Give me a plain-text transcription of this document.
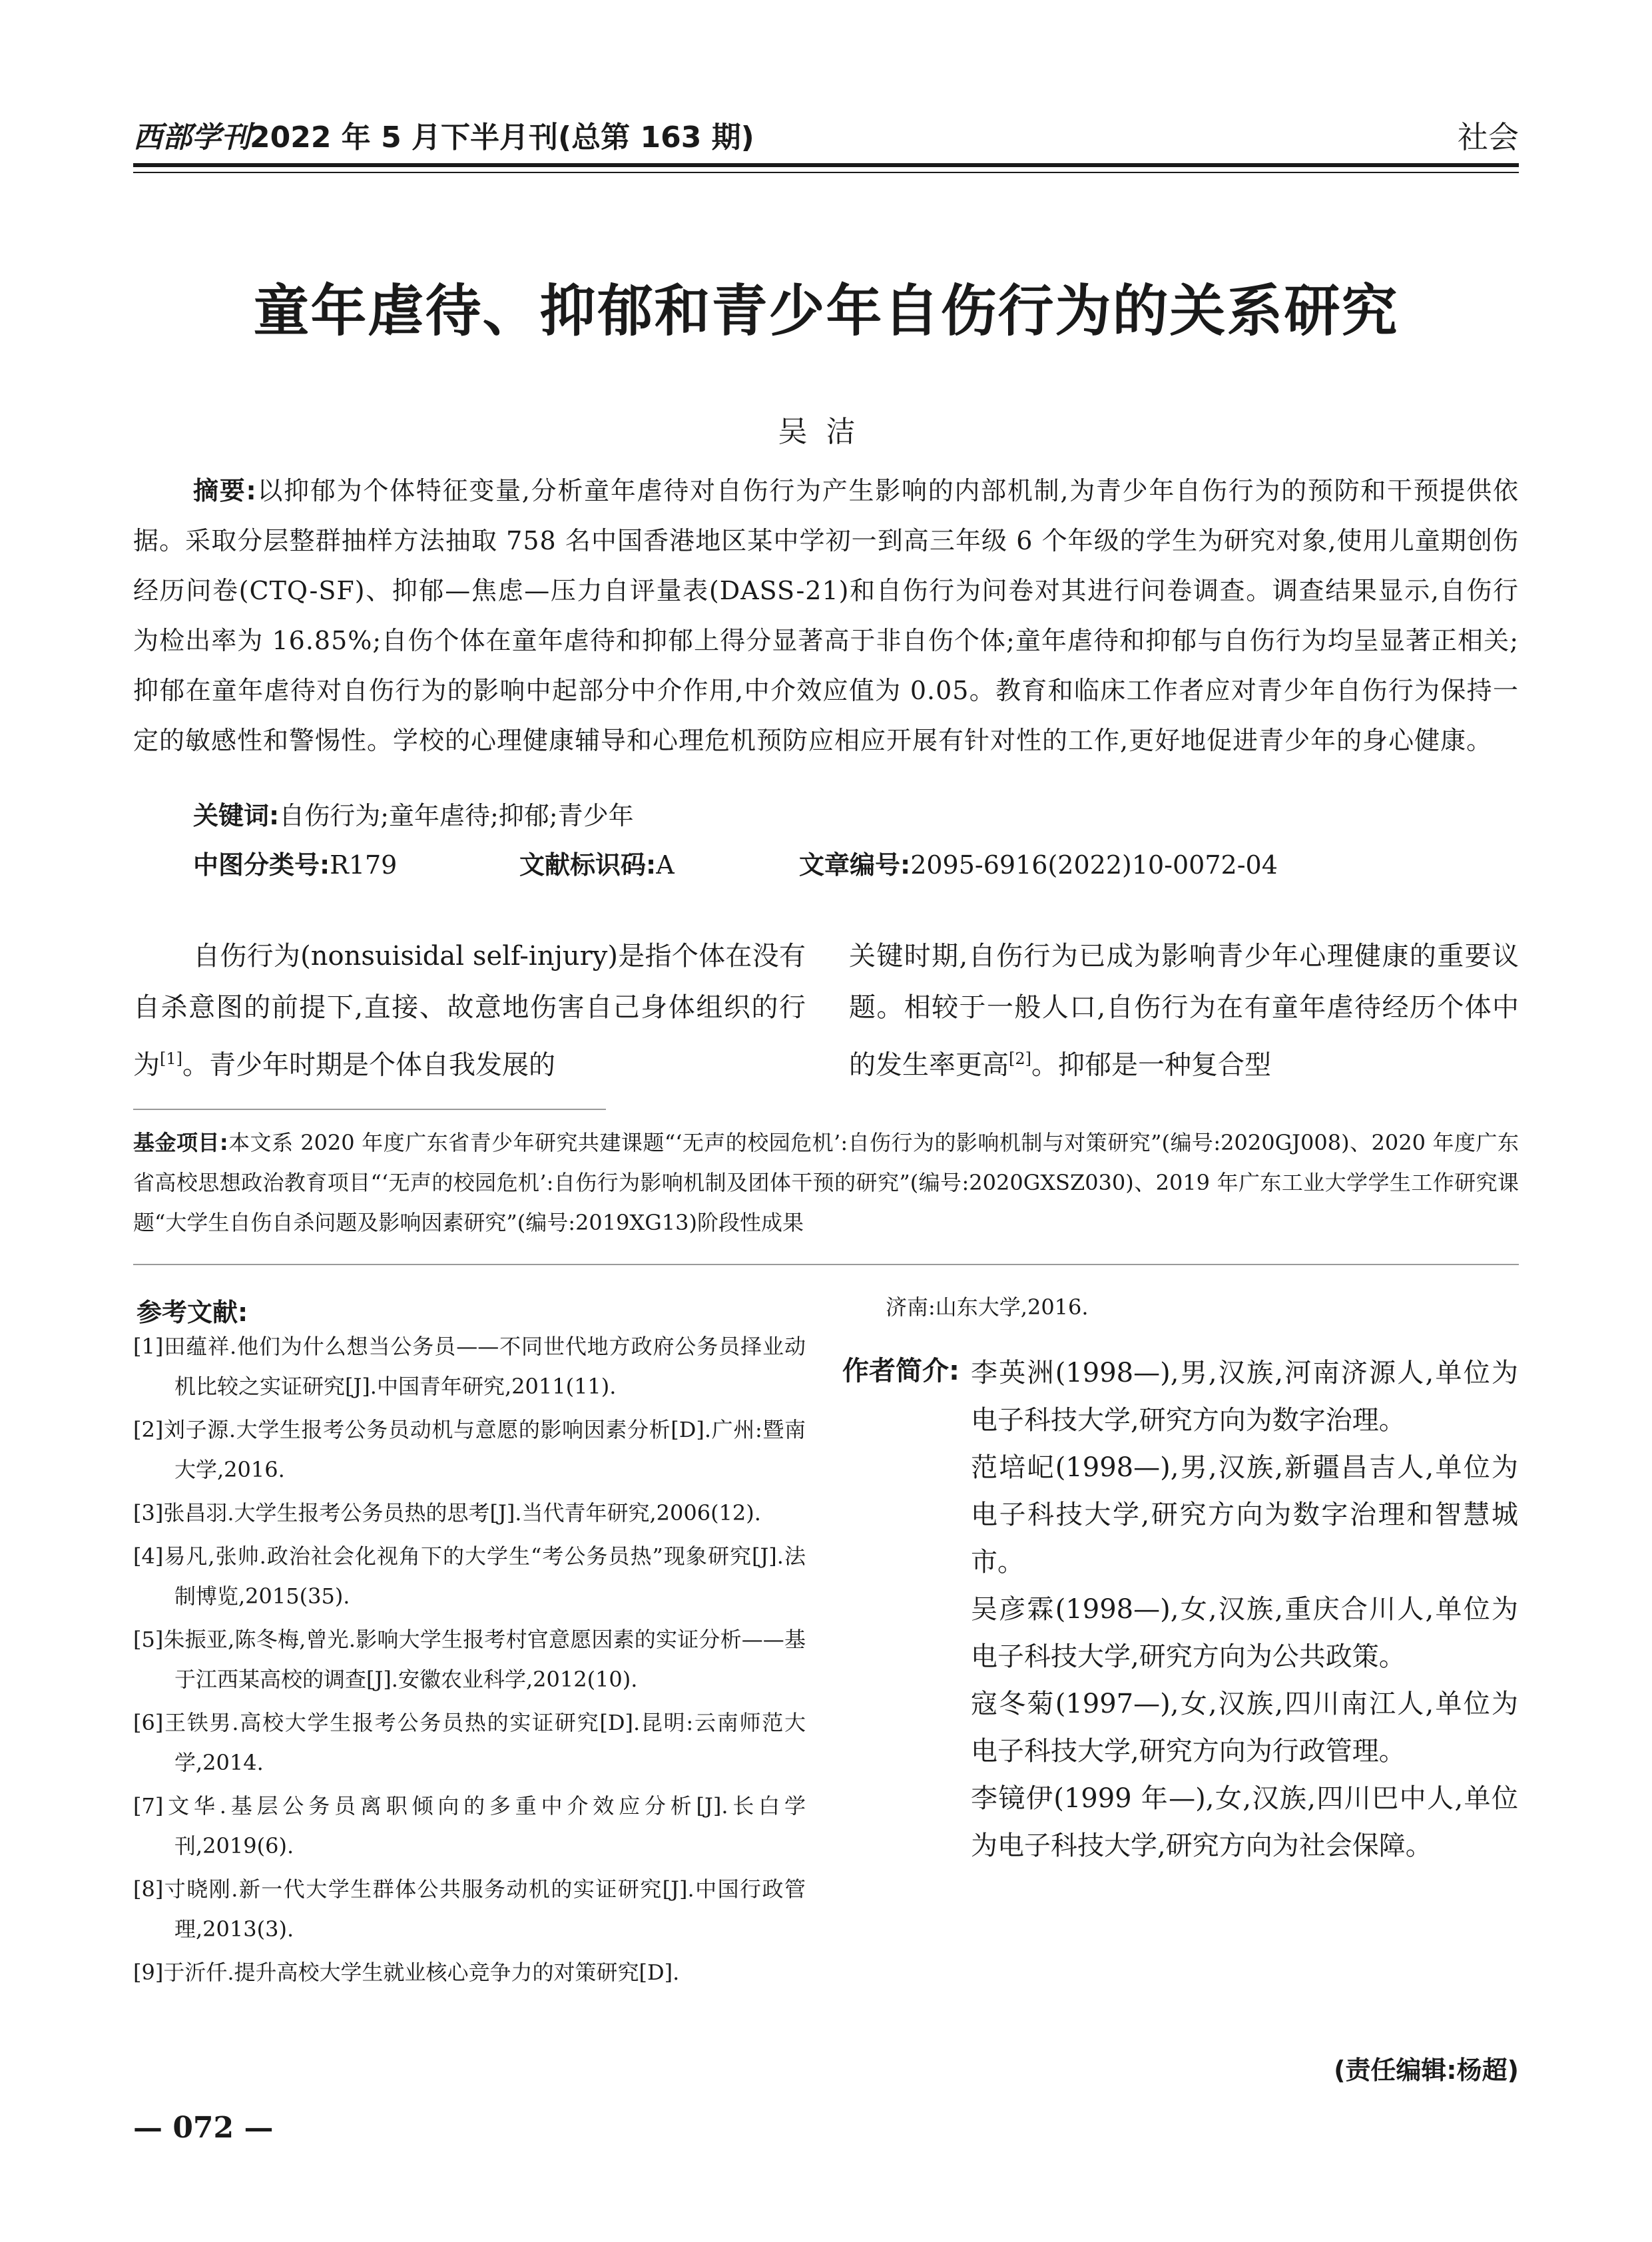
西部学刊 2022 年 5 月下半月刊(总第 163 期)	社会
童年虐待、抑郁和青少年自伤行为的关系研究
吴洁
摘要:以抑郁为个体特征变量,分析童年虐待对自伤行为产生影响的内部机制,为青少年自伤行为的预防和干预提供依据。采取分层整群抽样方法抽取 758 名中国香港地区某中学初一到高三年级 6 个年级的学生为研究对象,使用儿童期创伤经历问卷(CTQ-SF)、抑郁—焦虑—压力自评量表(DASS-21)和自伤行为问卷对其进行问卷调查。调查结果显示,自伤行为检出率为 16.85%;自伤个体在童年虐待和抑郁上得分显著高于非自伤个体;童年虐待和抑郁与自伤行为均呈显著正相关;抑郁在童年虐待对自伤行为的影响中起部分中介作用,中介效应值为 0.05。教育和临床工作者应对青少年自伤行为保持一定的敏感性和警惕性。学校的心理健康辅导和心理危机预防应相应开展有针对性的工作,更好地促进青少年的身心健康。
关键词:自伤行为;童年虐待;抑郁;青少年
中图分类号:R179	文献标识码:A	文章编号:2095-6916(2022)10-0072-04
自伤行为(nonsuisidal self-injury)是指个体在没有自杀意图的前提下,直接、故意地伤害自己身体组织的行为[1]。青少年时期是个体自我发展的
关键时期,自伤行为已成为影响青少年心理健康的重要议题。相较于一般人口,自伤行为在有童年虐待经历个体中的发生率更高[2]。抑郁是一种复合型
基金项目:本文系 2020 年度广东省青少年研究共建课题“‘无声的校园危机’:自伤行为的影响机制与对策研究”(编号:2020GJ008)、2020 年度广东省高校思想政治教育项目“‘无声的校园危机’:自伤行为影响机制及团体干预的研究”(编号:2020GXSZ030)、2019 年广东工业大学学生工作研究课题“大学生自伤自杀问题及影响因素研究”(编号:2019XG13)阶段性成果
参考文献:
[1]田蕴祥.他们为什么想当公务员——不同世代地方政府公务员择业动机比较之实证研究[J].中国青年研究,2011(11).
[2]刘子源.大学生报考公务员动机与意愿的影响因素分析[D].广州:暨南大学,2016.
[3]张昌羽.大学生报考公务员热的思考[J].当代青年研究,2006(12).
[4]易凡,张帅.政治社会化视角下的大学生“考公务员热”现象研究[J].法制博览,2015(35).
[5]朱振亚,陈冬梅,曾光.影响大学生报考村官意愿因素的实证分析——基于江西某高校的调查[J].安徽农业科学,2012(10).
[6]王铁男.高校大学生报考公务员热的实证研究[D].昆明:云南师范大学,2014.
[7]文华.基层公务员离职倾向的多重中介效应分析[J].长白学刊,2019(6).
[8]寸晓刚.新一代大学生群体公共服务动机的实证研究[J].中国行政管理,2013(3).
[9]于沂仟.提升高校大学生就业核心竞争力的对策研究[D].
济南:山东大学,2016.
作者简介: 李英洲(1998—),男,汉族,河南济源人,单位为电子科技大学,研究方向为数字治理。

范培屺(1998—),男,汉族,新疆昌吉人,单位为电子科技大学,研究方向为数字治理和智慧城市。

吴彦霖(1998—),女,汉族,重庆合川人,单位为电子科技大学,研究方向为公共政策。

寇冬菊(1997—),女,汉族,四川南江人,单位为电子科技大学,研究方向为行政管理。

李镜伊(1999 年—),女,汉族,四川巴中人,单位为电子科技大学,研究方向为社会保障。

(责任编辑:杨超)
— 072 —
